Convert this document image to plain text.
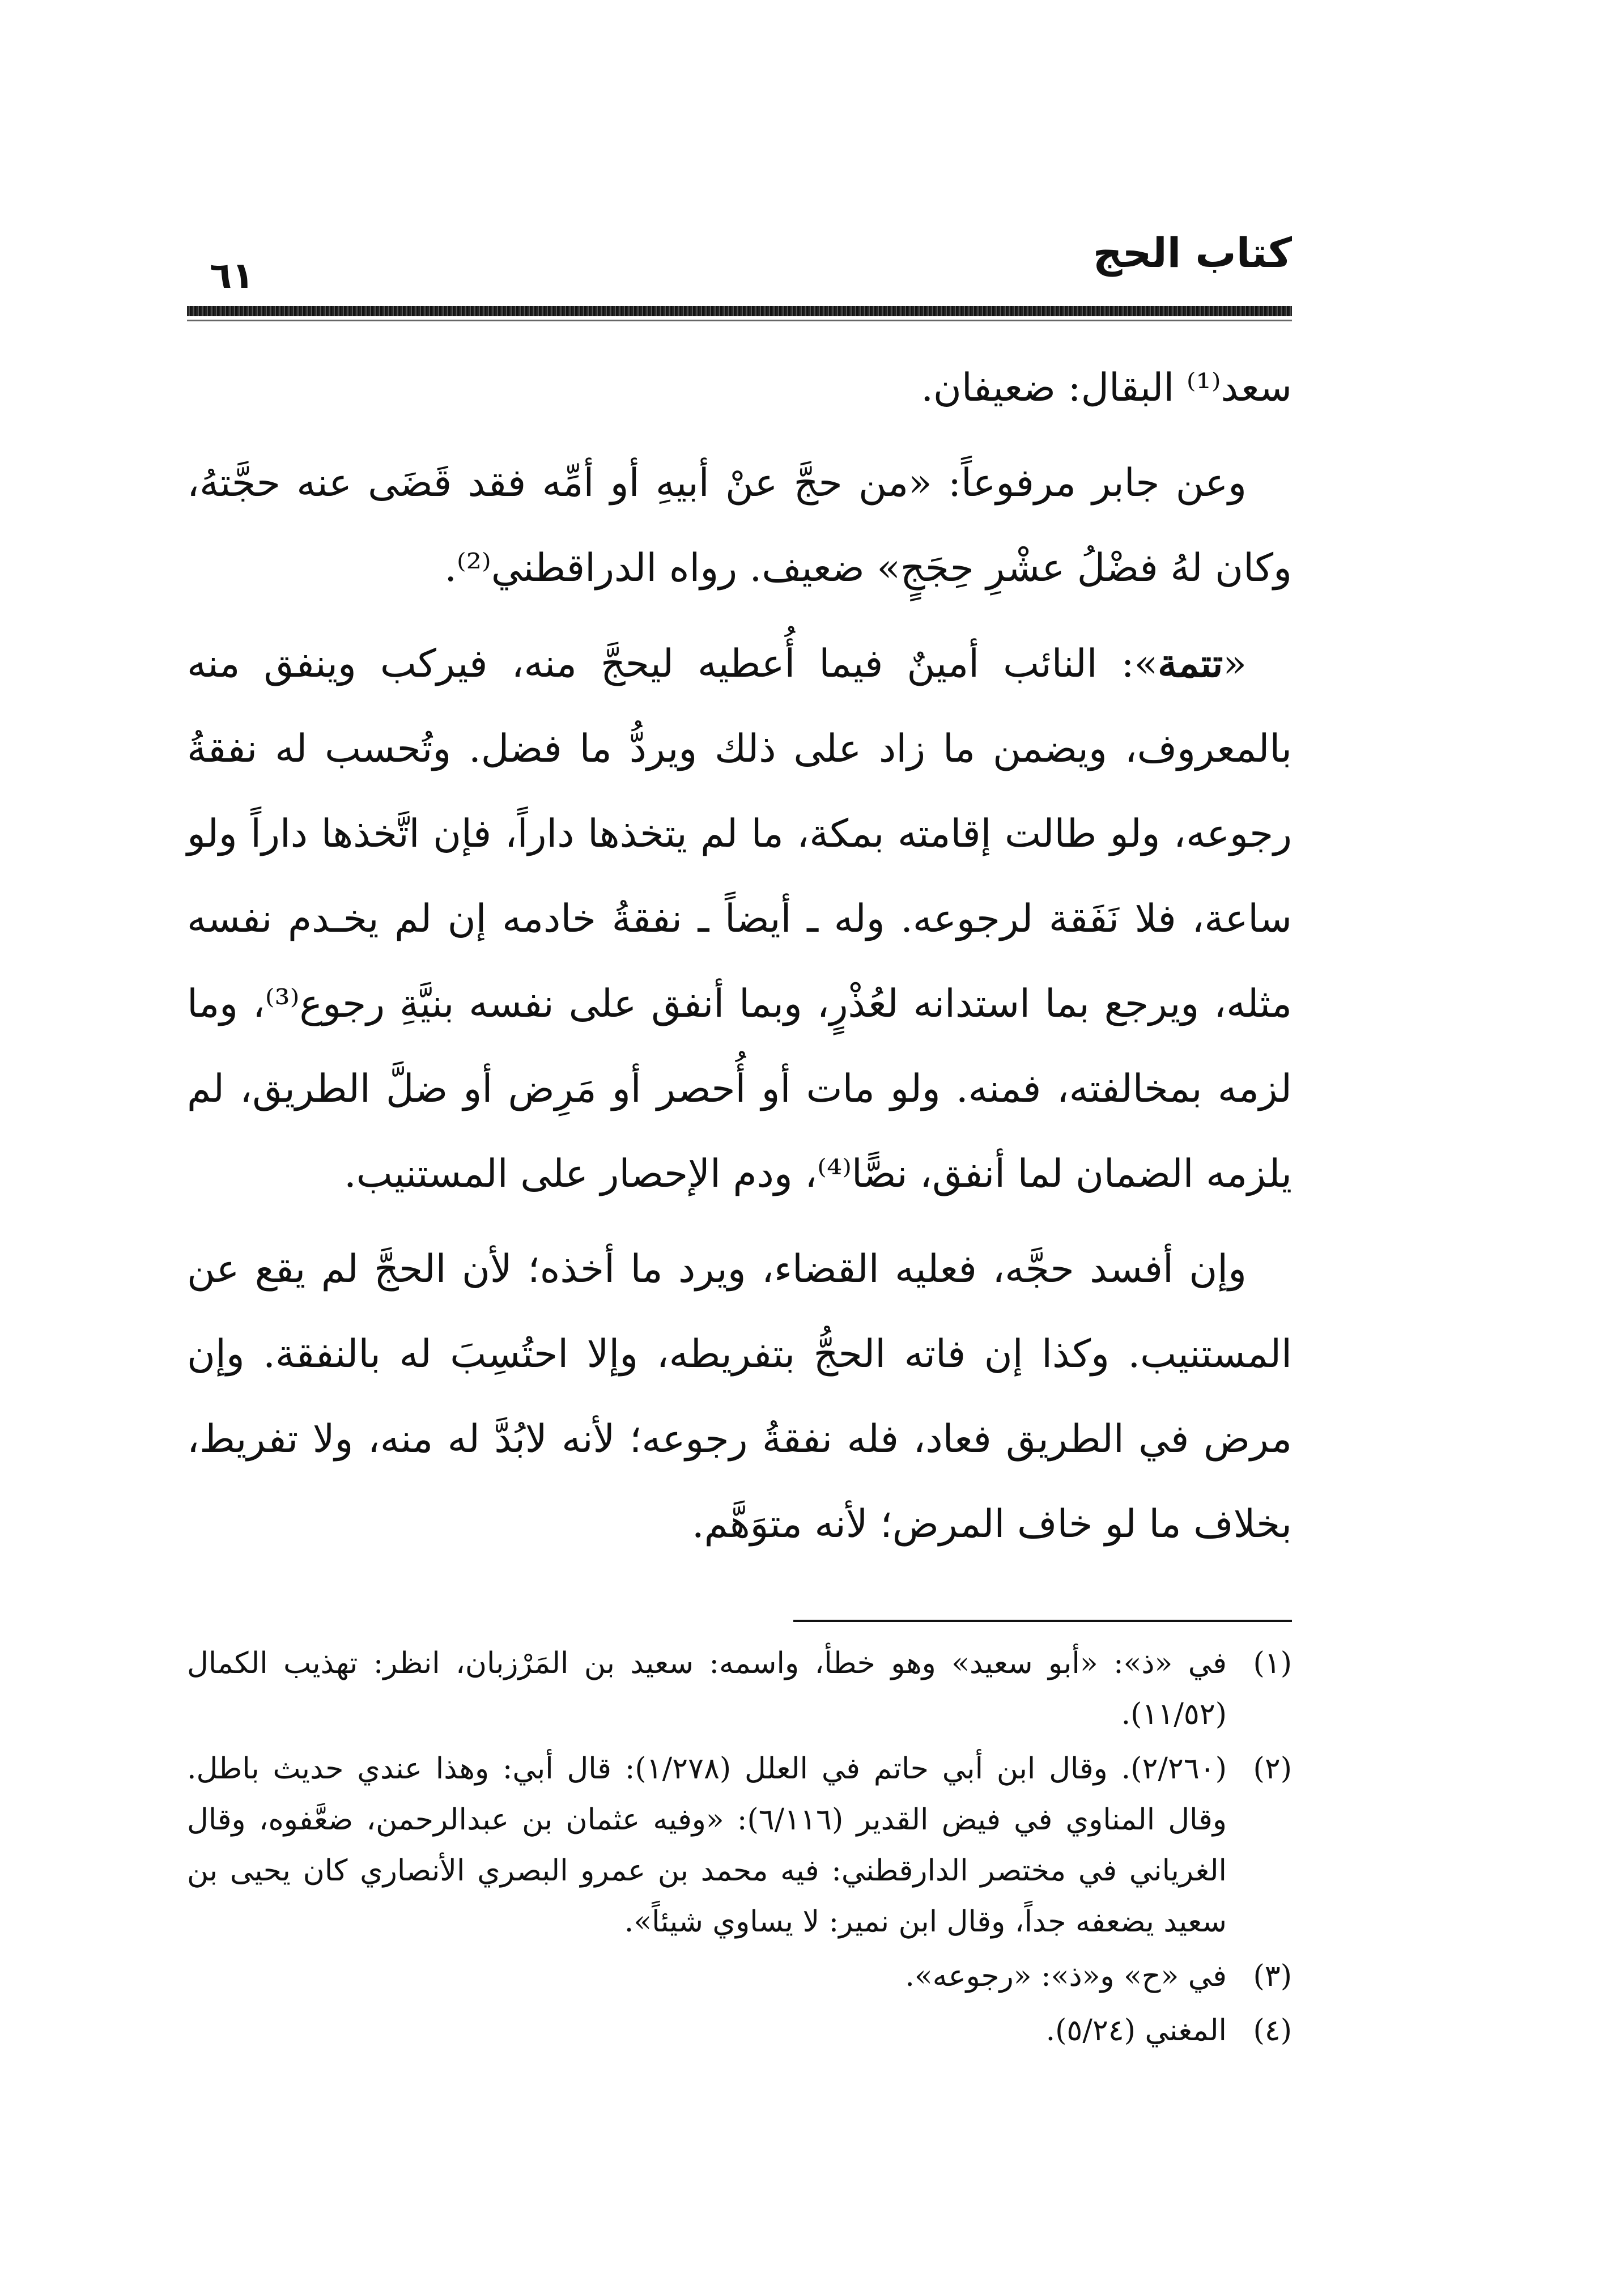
كتاب الحج
٦١

سعد⁽¹⁾ البقال: ضعيفان.

وعن جابر مرفوعاً: «من حجَّ عنْ أبيهِ أو أمِّه فقد قَضَى عنه حجَّتهُ، وكان لهُ فضْلُ عشْرِ حِجَجٍ» ضعيف. رواه الدراقطني⁽²⁾.

«تتمة»: النائب أمينٌ فيما أُعطيه ليحجَّ منه، فيركب وينفق منه بالمعروف، ويضمن ما زاد على ذلك ويردُّ ما فضل. وتُحسب له نفقةُ رجوعه، ولو طالت إقامته بمكة، ما لم يتخذها داراً، فإن اتَّخذها داراً ولو ساعة، فلا نَفَقة لرجوعه. وله ـ أيضاً ـ نفقةُ خادمه إن لم يخـدم نفسه مثله، ويرجع بما استدانه لعُذْرٍ، وبما أنفق على نفسه بنيَّةِ رجوع⁽³⁾، وما لزمه بمخالفته، فمنه. ولو مات أو أُحصر أو مَرِض أو ضلَّ الطريق، لم يلزمه الضمان لما أنفق، نصًّا⁽⁴⁾، ودم الإحصار على المستنيب.

وإن أفسد حجَّه، فعليه القضاء، ويرد ما أخذه؛ لأن الحجَّ لم يقع عن المستنيب. وكذا إن فاته الحجُّ بتفريطه، وإلا احتُسِبَ له بالنفقة. وإن مرض في الطريق فعاد، فله نفقةُ رجوعه؛ لأنه لابُدَّ له منه، ولا تفريط، بخلاف ما لو خاف المرض؛ لأنه متوَهَّم.

(١)
في «ذ»: «أبو سعيد» وهو خطأ، واسمه: سعيد بن المَرْزبان، انظر: تهذيب الكمال (١١/٥٢).
(٢)
(٢/٢٦٠). وقال ابن أبي حاتم في العلل (١/٢٧٨): قال أبي: وهذا عندي حديث باطل. وقال المناوي في فيض القدير (٦/١١٦): «وفيه عثمان بن عبدالرحمن، ضعَّفوه، وقال الغرياني في مختصر الدارقطني: فيه محمد بن عمرو البصري الأنصاري كان يحيى بن سعيد يضعفه جداً، وقال ابن نمير: لا يساوي شيئاً».
(٣)
في «ح» و«ذ»: «رجوعه».
(٤)
المغني (٥/٢٤).
